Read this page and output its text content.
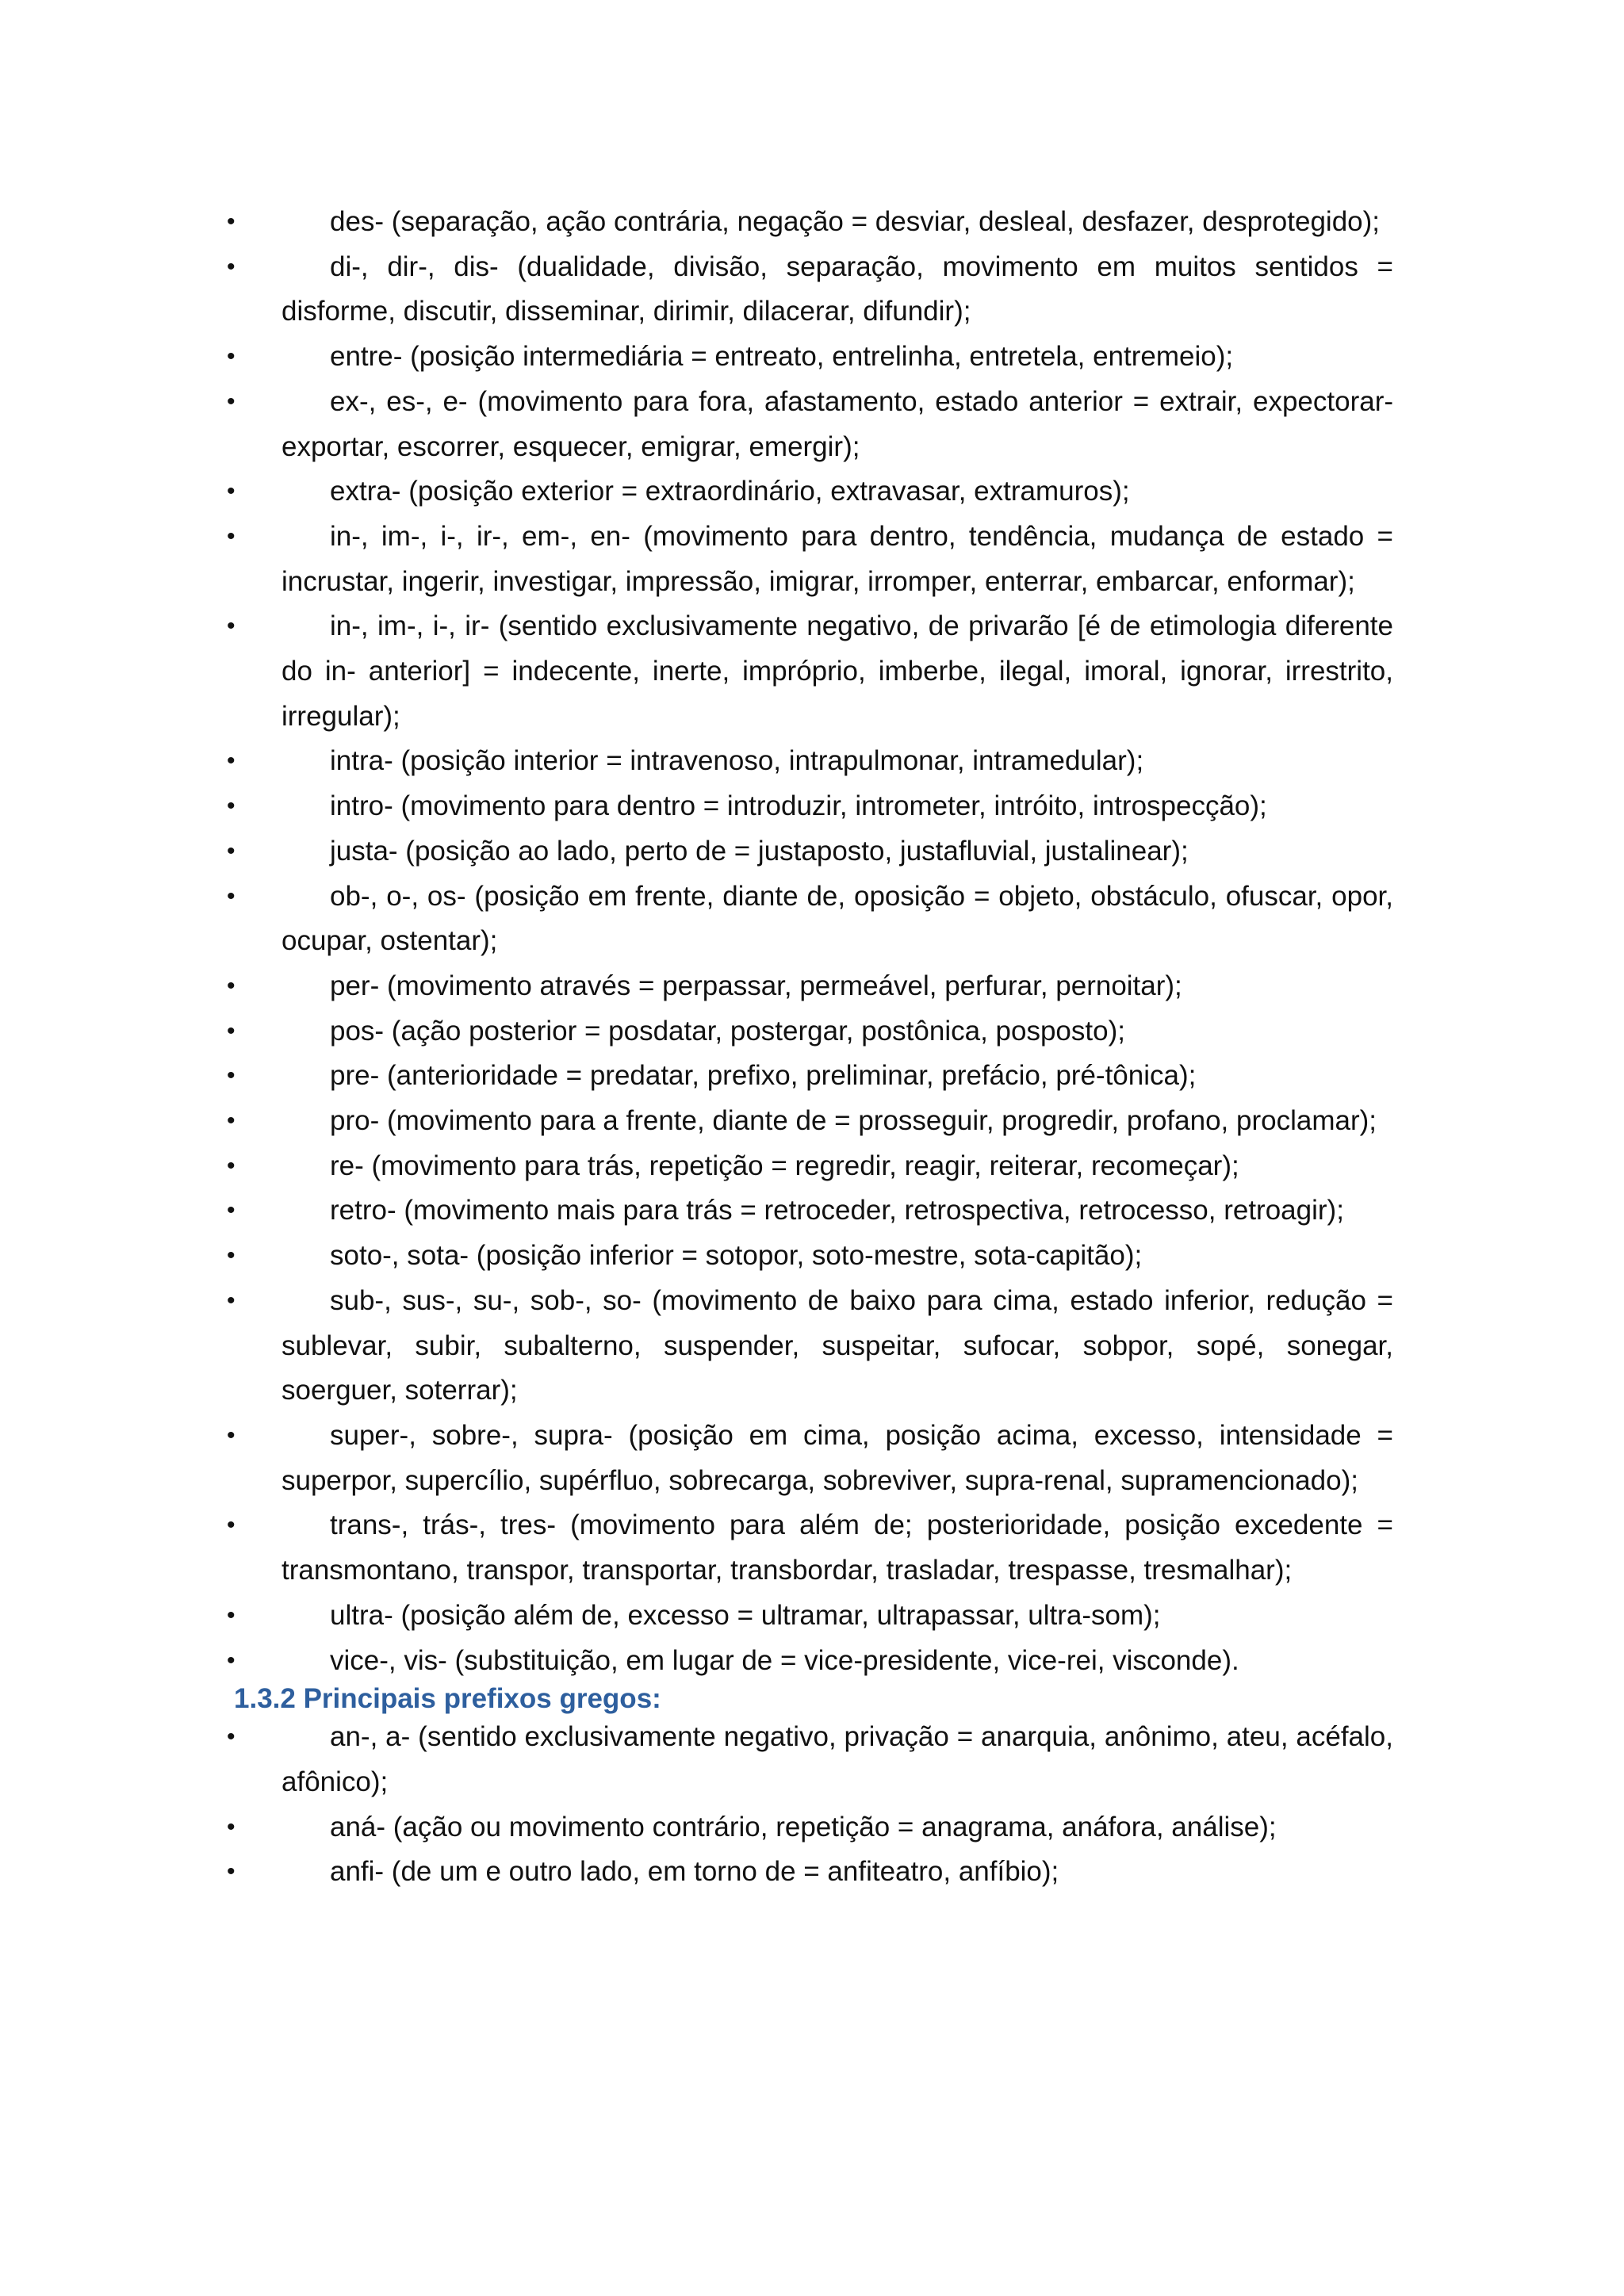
•	des- (separação, ação contrária, negação = desviar, desleal, desfazer, desprotegido);
•	di-, dir-, dis- (dualidade, divisão, separação, movimento em muitos sentidos = disforme, discutir, disseminar, dirimir, dilacerar, difundir);
•	entre- (posição intermediária = entreato, entrelinha, entretela, entremeio);
•	ex-, es-, e- (movimento para fora, afastamento, estado anterior = extrair, expectorar- exportar, escorrer, esquecer, emigrar, emergir);
•	extra- (posição exterior = extraordinário, extravasar, extramuros);
•	in-, im-, i-, ir-, em-, en- (movimento para dentro, tendência, mudança de estado = incrustar, ingerir, investigar, impressão, imigrar, irromper, enterrar, embarcar, enformar);
•	in-, im-, i-, ir- (sentido exclusivamente negativo, de privarão [é de etimologia diferente do in- anterior] = indecente, inerte, impróprio, imberbe, ilegal, imoral, ignorar, irrestrito, irregular);
•	intra- (posição interior = intravenoso, intrapulmonar, intramedular);
•	intro- (movimento para dentro = introduzir, intrometer, intróito, introspecção);
•	justa- (posição ao lado, perto de = justaposto, justafluvial, justalinear);
•	ob-, o-, os- (posição em frente, diante de, oposição = objeto, obstáculo, ofuscar, opor, ocupar, ostentar);
•	per- (movimento através = perpassar, permeável, perfurar, pernoitar);
•	pos- (ação posterior = posdatar, postergar, postônica, posposto);
•	pre- (anterioridade = predatar, prefixo, preliminar, prefácio, pré-tônica);
•	pro- (movimento para a frente, diante de = prosseguir, progredir, profano, proclamar);
•	re- (movimento para trás, repetição = regredir, reagir, reiterar, recomeçar);
•	retro- (movimento mais para trás = retroceder, retrospectiva, retrocesso, retroagir);
•	soto-, sota- (posição inferior = sotopor, soto-mestre, sota-capitão);
•	sub-, sus-, su-, sob-, so- (movimento de baixo para cima, estado inferior, redução = sublevar, subir, subalterno, suspender, suspeitar, sufocar, sobpor, sopé, sonegar, soerguer, soterrar);
•	super-, sobre-, supra- (posição em cima, posição acima, excesso, intensidade = superpor, supercílio, supérfluo, sobrecarga, sobreviver, supra-renal, supramencionado);
•	trans-, trás-, tres- (movimento para além de; posterioridade, posição excedente = transmontano, transpor, transportar, transbordar, trasladar, trespasse, tresmalhar);
•	ultra- (posição além de, excesso = ultramar, ultrapassar, ultra-som);
•	vice-, vis- (substituição, em lugar de = vice-presidente, vice-rei, visconde).
1.3.2 Principais prefixos gregos:
•	an-, a- (sentido exclusivamente negativo, privação = anarquia, anônimo, ateu, acéfalo, afônico);
•	aná- (ação ou movimento contrário, repetição = anagrama, anáfora, análise);
•	anfi- (de um e outro lado, em torno de = anfiteatro, anfíbio);
